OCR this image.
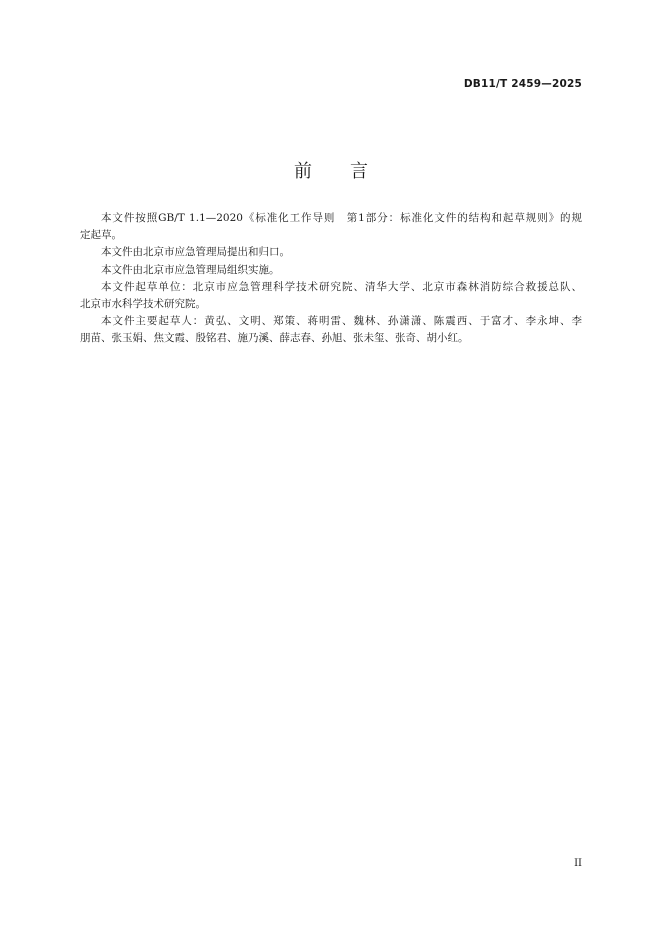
DB11/T 2459—2025
前言

本文件按照GB/T 1.1—2020《标准化工作导则　第1部分：标准化文件的结构和起草规则》的规
定起草。

本文件由北京市应急管理局提出和归口。

本文件由北京市应急管理局组织实施。

本文件起草单位：北京市应急管理科学技术研究院、清华大学、北京市森林消防综合救援总队、
北京市水科学技术研究院。

本文件主要起草人：黄弘、文明、郑策、蒋明雷、魏林、孙潇潇、陈震西、于富才、李永坤、李
朋苗、张玉娟、焦文霞、殷铭君、施乃溪、薛志春、孙旭、张未玺、张奇、胡小红。

II
